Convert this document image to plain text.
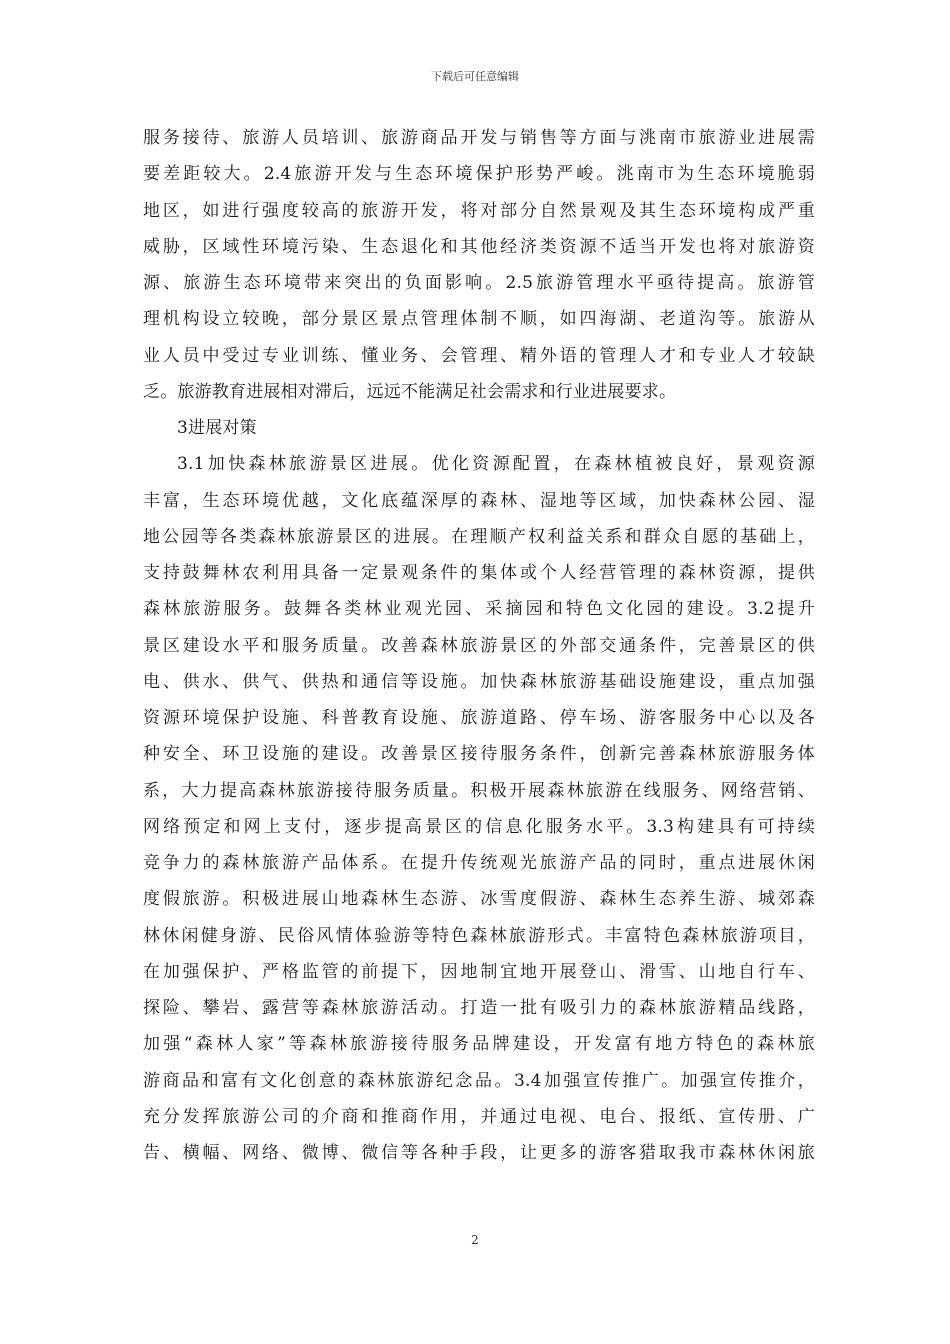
下载后可任意编辑
服务接待、旅游人员培训、旅游商品开发与销售等方面与洮南市旅游业进展需
要差距较大。2.4旅游开发与生态环境保护形势严峻。洮南市为生态环境脆弱
地区，如进行强度较高的旅游开发，将对部分自然景观及其生态环境构成严重
威胁，区域性环境污染、生态退化和其他经济类资源不适当开发也将对旅游资
源、旅游生态环境带来突出的负面影响。2.5旅游管理水平亟待提高。旅游管
理机构设立较晚，部分景区景点管理体制不顺，如四海湖、老道沟等。旅游从
业人员中受过专业训练、懂业务、会管理、精外语的管理人才和专业人才较缺
乏。旅游教育进展相对滞后，远远不能满足社会需求和行业进展要求。
3进展对策
3.1加快森林旅游景区进展。优化资源配置，在森林植被良好，景观资源
丰富，生态环境优越，文化底蕴深厚的森林、湿地等区域，加快森林公园、湿
地公园等各类森林旅游景区的进展。在理顺产权利益关系和群众自愿的基础上，
支持鼓舞林农利用具备一定景观条件的集体或个人经营管理的森林资源，提供
森林旅游服务。鼓舞各类林业观光园、采摘园和特色文化园的建设。3.2提升
景区建设水平和服务质量。改善森林旅游景区的外部交通条件，完善景区的供
电、供水、供气、供热和通信等设施。加快森林旅游基础设施建设，重点加强
资源环境保护设施、科普教育设施、旅游道路、停车场、游客服务中心以及各
种安全、环卫设施的建设。改善景区接待服务条件，创新完善森林旅游服务体
系，大力提高森林旅游接待服务质量。积极开展森林旅游在线服务、网络营销、
网络预定和网上支付，逐步提高景区的信息化服务水平。3.3构建具有可持续
竞争力的森林旅游产品体系。在提升传统观光旅游产品的同时，重点进展休闲
度假旅游。积极进展山地森林生态游、冰雪度假游、森林生态养生游、城郊森
林休闲健身游、民俗风情体验游等特色森林旅游形式。丰富特色森林旅游项目，
在加强保护、严格监管的前提下，因地制宜地开展登山、滑雪、山地自行车、
探险、攀岩、露营等森林旅游活动。打造一批有吸引力的森林旅游精品线路，
加强“森林人家”等森林旅游接待服务品牌建设，开发富有地方特色的森林旅
游商品和富有文化创意的森林旅游纪念品。3.4加强宣传推广。加强宣传推介，
充分发挥旅游公司的介商和推商作用，并通过电视、电台、报纸、宣传册、广
告、横幅、网络、微博、微信等各种手段，让更多的游客猎取我市森林休闲旅
2
